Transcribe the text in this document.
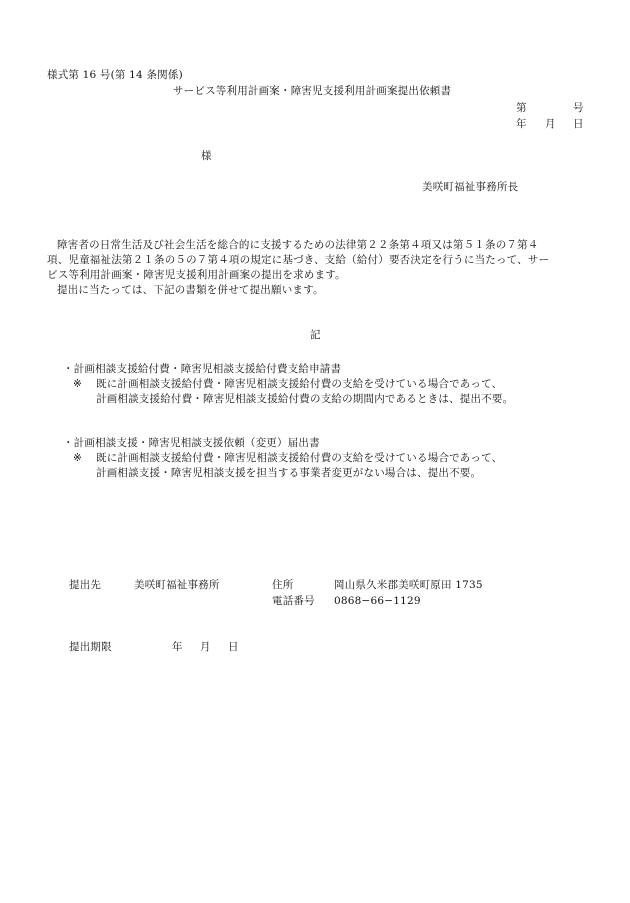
様式第 16 号(第 14 条関係)
サービス等利用計画案・障害児支援利用計画案提出依頼書
第	号
年 月 日
様
美咲町福祉事務所長
障害者の日常生活及び社会生活を総合的に支援するための法律第２２条第４項又は第５１条の７第４
項、児童福祉法第２１条の５の７第４項の規定に基づき、支給（給付）要否決定を行うに当たって、サー
ビス等利用計画案・障害児支援利用計画案の提出を求めます。
提出に当たっては、下記の書類を併せて提出願います。
記
・計画相談支援給付費・障害児相談支援給付費支給申請書
※ 既に計画相談支援給付費・障害児相談支援給付費の支給を受けている場合であって、
計画相談支援給付費・障害児相談支援給付費の支給の期間内であるときは、提出不要。
・計画相談支援・障害児相談支援依頼（変更）届出書
※ 既に計画相談支援給付費・障害児相談支援給付費の支給を受けている場合であって、
計画相談支援・障害児相談支援を担当する事業者変更がない場合は、提出不要。
提出先	美咲町福祉事務所	住所	岡山県久米郡美咲町原田 1735
電話番号 0868−66−1129
提出期限	年 月 日
